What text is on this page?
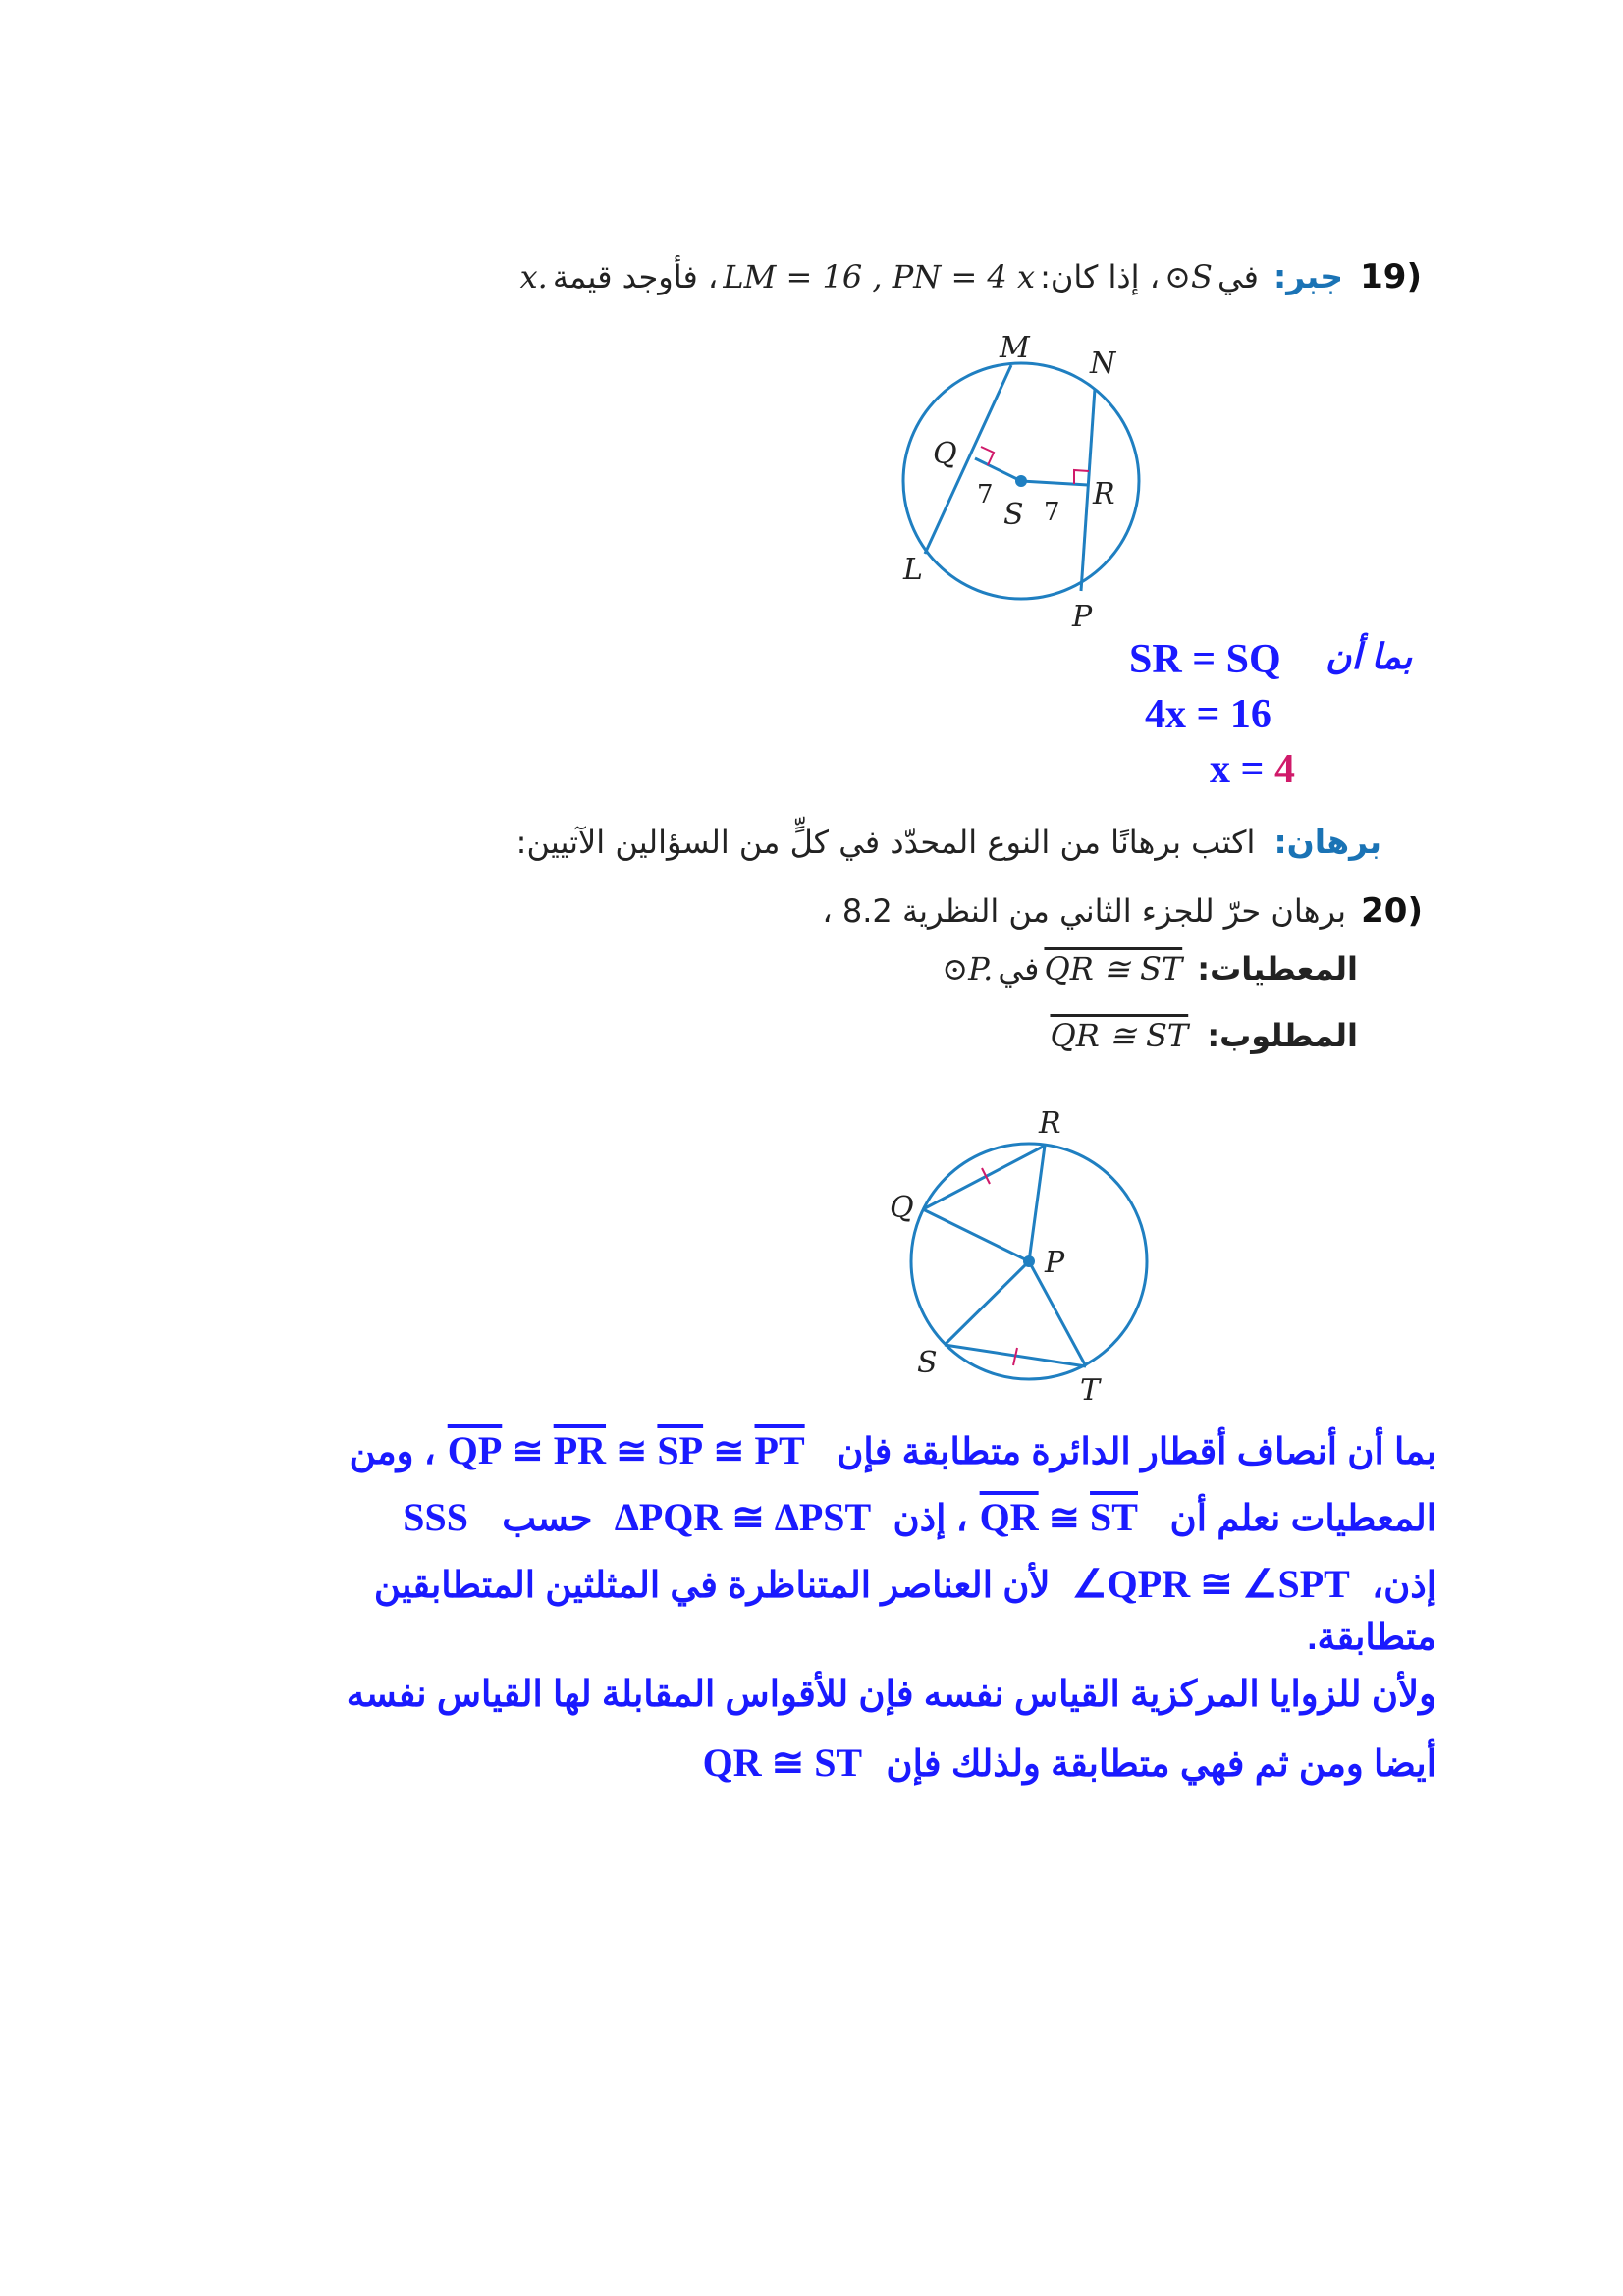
(19 جبر: في ⊙S ، إذا كان: LM = 16 , PN = 4 x ، فأوجد قيمة x.
M N
Q
R
S
L
P
7
7
بما أن
SR = SQ
4x = 16
x = 4
برهان: اكتب برهانًا من النوع المحدّد في كلٍّ من السؤالين الآتيين:
(20 برهان حرّ للجزء الثاني من النظرية 8.2 ،
المعطيات: QR ≅ ST في ⊙P.
المطلوب: QR ≅ ST
R
Q
P
S
T
بما أن أنصاف أقطار الدائرة متطابقة فإن $\overline{QP}$ ≅ $\overline{PR}$ ≅ $\overline{SP}$ ≅ $\overline{PT}$ ، ومن
المعطيات نعلم أن $\overline{QR}$ ≅ $\overline{ST}$ ، إذن ΔPQR ≅ ΔPST حسب SSS
إذن، ∠QPR ≅ ∠SPT لأن العناصر المتناظرة في المثلثين المتطابقين
متطابقة.
ولأن للزوايا المركزية القياس نفسه فإن للأقواس المقابلة لها القياس نفسه
أيضا ومن ثم فهي متطابقة ولذلك فإن QR ≅ ST
